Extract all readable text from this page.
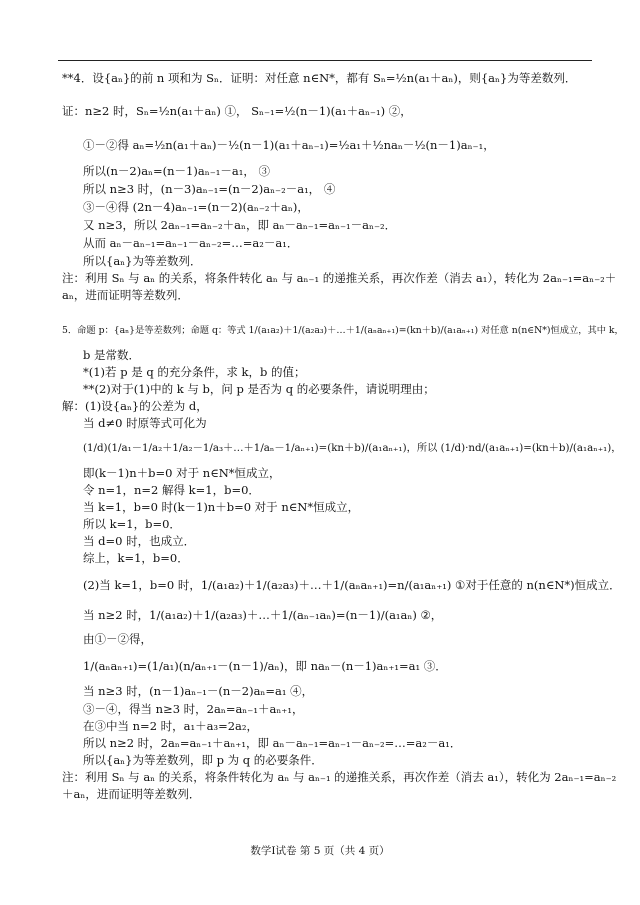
**4．设{aₙ}的前 n 项和为 Sₙ．证明：对任意 n∈N*，都有 Sₙ=½n(a₁＋aₙ)，则{aₙ}为等差数列．
证：n≥2 时，Sₙ=½n(a₁＋aₙ) ①， Sₙ₋₁=½(n－1)(a₁＋aₙ₋₁) ②，
①－②得 aₙ=½n(a₁＋aₙ)－½(n－1)(a₁＋aₙ₋₁)=½a₁＋½naₙ－½(n－1)aₙ₋₁，
所以(n－2)aₙ=(n－1)aₙ₋₁－a₁， ③
所以 n≥3 时，(n－3)aₙ₋₁=(n－2)aₙ₋₂－a₁， ④
③－④得 (2n－4)aₙ₋₁=(n－2)(aₙ₋₂＋aₙ)，
又 n≥3，所以 2aₙ₋₁=aₙ₋₂＋aₙ，即 aₙ－aₙ₋₁=aₙ₋₁－aₙ₋₂．
从而 aₙ－aₙ₋₁=aₙ₋₁－aₙ₋₂=…=a₂－a₁．
所以{aₙ}为等差数列．
注：利用 Sₙ 与 aₙ 的关系，将条件转化 aₙ 与 aₙ₋₁ 的递推关系，再次作差（消去 a₁），转化为 2aₙ₋₁=aₙ₋₂＋
aₙ，进而证明等差数列．
5．命题 p：{aₙ}是等差数列；命题 q：等式 1/(a₁a₂)＋1/(a₂a₃)＋…＋1/(aₙaₙ₊₁)=(kn＋b)/(a₁aₙ₊₁) 对任意 n(n∈N*)恒成立，其中 k，
b 是常数．
*(1)若 p 是 q 的充分条件，求 k，b 的值；
**(2)对于(1)中的 k 与 b，问 p 是否为 q 的必要条件，请说明理由；
解：(1)设{aₙ}的公差为 d，
当 d≠0 时原等式可化为
(1/d)(1/a₁－1/a₂＋1/a₂－1/a₃＋…＋1/aₙ－1/aₙ₊₁)=(kn＋b)/(a₁aₙ₊₁)，所以 (1/d)·nd/(a₁aₙ₊₁)=(kn＋b)/(a₁aₙ₊₁)，
即(k－1)n＋b=0 对于 n∈N*恒成立，
令 n=1，n=2 解得 k=1，b=0．
当 k=1，b=0 时(k－1)n＋b=0 对于 n∈N*恒成立，
所以 k=1，b=0．
当 d=0 时，也成立．
综上，k=1，b=0．
(2)当 k=1，b=0 时，1/(a₁a₂)＋1/(a₂a₃)＋…＋1/(aₙaₙ₊₁)=n/(a₁aₙ₊₁) ①对于任意的 n(n∈N*)恒成立．
当 n≥2 时，1/(a₁a₂)＋1/(a₂a₃)＋…＋1/(aₙ₋₁aₙ)=(n－1)/(a₁aₙ) ②，
由①－②得，
1/(aₙaₙ₊₁)=(1/a₁)(n/aₙ₊₁－(n－1)/aₙ)，即 naₙ－(n－1)aₙ₊₁=a₁ ③．
当 n≥3 时，(n－1)aₙ₋₁－(n－2)aₙ=a₁ ④，
③－④，得当 n≥3 时，2aₙ=aₙ₋₁＋aₙ₊₁，
在③中当 n=2 时，a₁＋a₃=2a₂，
所以 n≥2 时，2aₙ=aₙ₋₁＋aₙ₊₁，即 aₙ－aₙ₋₁=aₙ₋₁－aₙ₋₂=…=a₂－a₁．
所以{aₙ}为等差数列，即 p 为 q 的必要条件．
注：利用 Sₙ 与 aₙ 的关系，将条件转化为 aₙ 与 aₙ₋₁ 的递推关系，再次作差（消去 a₁），转化为 2aₙ₋₁=aₙ₋₂
＋aₙ，进而证明等差数列．
数学Ⅰ试卷 第 5 页（共 4 页）
